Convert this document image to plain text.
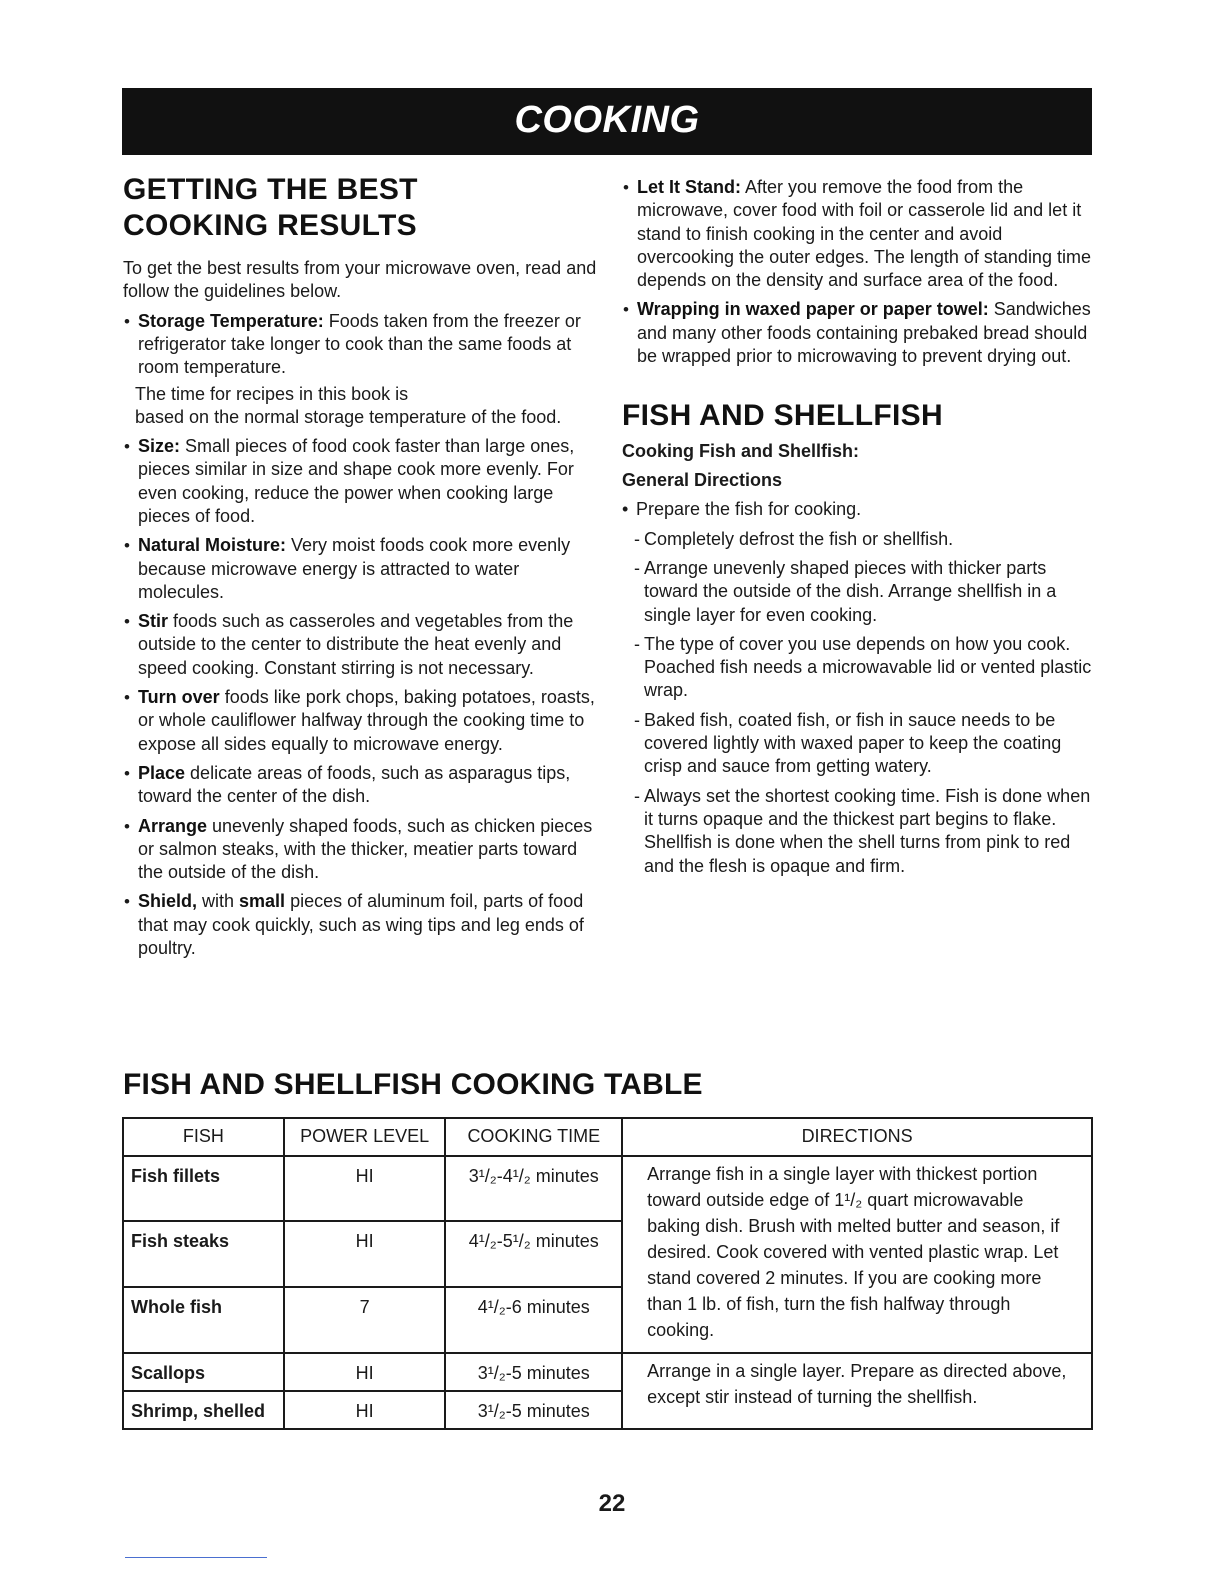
COOKING
GETTING THE BEST
COOKING RESULTS

To get the best results from your microwave oven, read and follow the guidelines below.

• Storage Temperature: Foods taken from the freezer or refrigerator take longer to cook than the same foods at room temperature.

The time for recipes in this book is

based on the normal storage temperature of the food.

• Size: Small pieces of food cook faster than large ones, pieces similar in size and shape cook more evenly. For even cooking, reduce the power when cooking large pieces of food.

• Natural Moisture: Very moist foods cook more evenly because microwave energy is attracted to water molecules.

• Stir foods such as casseroles and vegetables from the outside to the center to distribute the heat evenly and speed cooking. Constant stirring is not necessary.

• Turn over foods like pork chops, baking potatoes, roasts, or whole cauliflower halfway through the cooking time to expose all sides equally to microwave energy.

• Place delicate areas of foods, such as asparagus tips, toward the center of the dish.

• Arrange unevenly shaped foods, such as chicken pieces or salmon steaks, with the thicker, meatier parts toward the outside of the dish.

• Shield, with small pieces of aluminum foil, parts of food that may cook quickly, such as wing tips and leg ends of poultry.

• Let It Stand: After you remove the food from the microwave, cover food with foil or casserole lid and let it stand to finish cooking in the center and avoid overcooking the outer edges. The length of standing time depends on the density and surface area of the food.

• Wrapping in waxed paper or paper towel: Sandwiches and many other foods containing prebaked bread should be wrapped prior to microwaving to prevent drying out.

FISH AND SHELLFISH

Cooking Fish and Shellfish:

General Directions

• Prepare the fish for cooking.

- Completely defrost the fish or shellfish.

- Arrange unevenly shaped pieces with thicker parts toward the outside of the dish. Arrange shellfish in a single layer for even cooking.

- The type of cover you use depends on how you cook. Poached fish needs a microwavable lid or vented plastic wrap.

- Baked fish, coated fish, or fish in sauce needs to be covered lightly with waxed paper to keep the coating crisp and sauce from getting watery.

- Always set the shortest cooking time. Fish is done when it turns opaque and the thickest part begins to flake. Shellfish is done when the shell turns from pink to red and the flesh is opaque and firm.

FISH AND SHELLFISH COOKING TABLE
FISH	POWER LEVEL	COOKING TIME	DIRECTIONS
Fish fillets	HI	3¹/₂-4¹/₂ minutes	Arrange fish in a single layer with thickest portion toward outside edge of 1¹/₂ quart microwavable baking dish. Brush with melted butter and season, if desired. Cook covered with vented plastic wrap. Let stand covered 2 minutes. If you are cooking more than 1 lb. of fish, turn the fish halfway through cooking.
Fish steaks	HI	4¹/₂-5¹/₂ minutes	
Whole fish	7	4¹/₂-6 minutes	
Scallops	HI	3¹/₂-5 minutes	Arrange in a single layer. Prepare as directed above, except stir instead of turning the shellfish.
Shrimp, shelled	HI	3¹/₂-5 minutes	
22
